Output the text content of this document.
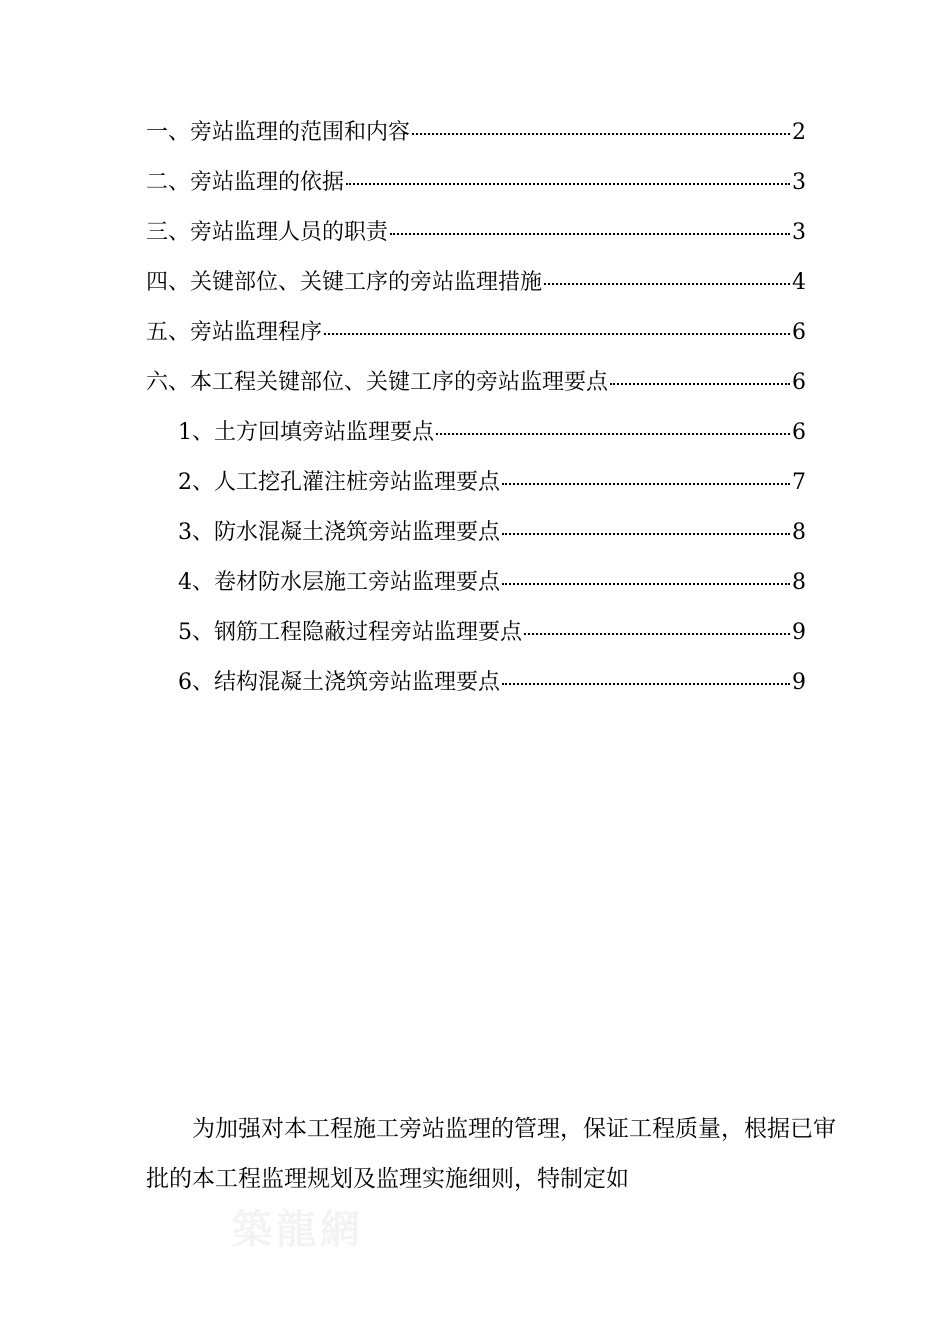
一、旁站监理的范围和内容	2
二、旁站监理的依据	3
三、旁站监理人员的职责	3
四、关键部位、关键工序的旁站监理措施	4
五、旁站监理程序	6
六、本工程关键部位、关键工序的旁站监理要点	6
1、土方回填旁站监理要点	6
2、人工挖孔灌注桩旁站监理要点	7
3、防水混凝土浇筑旁站监理要点	8
4、卷材防水层施工旁站监理要点	8
5、钢筋工程隐蔽过程旁站监理要点	9
6、结构混凝土浇筑旁站监理要点	9

为加强对本工程施工旁站监理的管理，保证工程质量，根据已审批的本工程监理规划及监理实施细则，特制定如

築龍網
